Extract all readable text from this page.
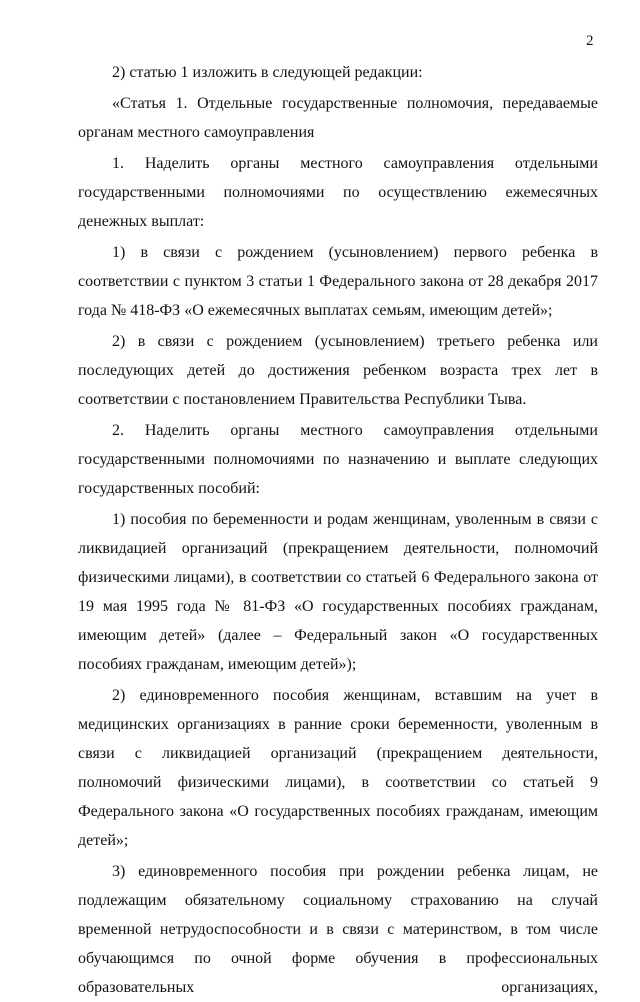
2

2) статью 1 изложить в следующей редакции:

«Статья 1. Отдельные государственные полномочия, передаваемые органам местного самоуправления

1. Наделить органы местного самоуправления отдельными государственными полномочиями по осуществлению ежемесячных денежных выплат:

1) в связи с рождением (усыновлением) первого ребенка в соответствии с пунктом 3 статьи 1 Федерального закона от 28 декабря 2017 года № 418-ФЗ «О ежемесячных выплатах семьям, имеющим детей»;

2) в связи с рождением (усыновлением) третьего ребенка или последующих детей до достижения ребенком возраста трех лет в соответствии с постановлением Правительства Республики Тыва.

2. Наделить органы местного самоуправления отдельными государственными полномочиями по назначению и выплате следующих государственных пособий:

1) пособия по беременности и родам женщинам, уволенным в связи с ликвидацией организаций (прекращением деятельности, полномочий физическими лицами), в соответствии со статьей 6 Федерального закона от 19 мая 1995 года № 81-ФЗ «О государственных пособиях гражданам, имеющим детей» (далее – Федеральный закон «О государственных пособиях гражданам, имеющим детей»);

2) единовременного пособия женщинам, вставшим на учет в медицинских организациях в ранние сроки беременности, уволенным в связи с ликвидацией организаций (прекращением деятельности, полномочий физическими лицами), в соответствии со статьей 9 Федерального закона «О государственных пособиях гражданам, имеющим детей»;

3) единовременного пособия при рождении ребенка лицам, не подлежащим обязательному социальному страхованию на случай временной нетрудоспособности и в связи с материнством, в том числе обучающимся по очной форме обучения в профессиональных образовательных организациях,
